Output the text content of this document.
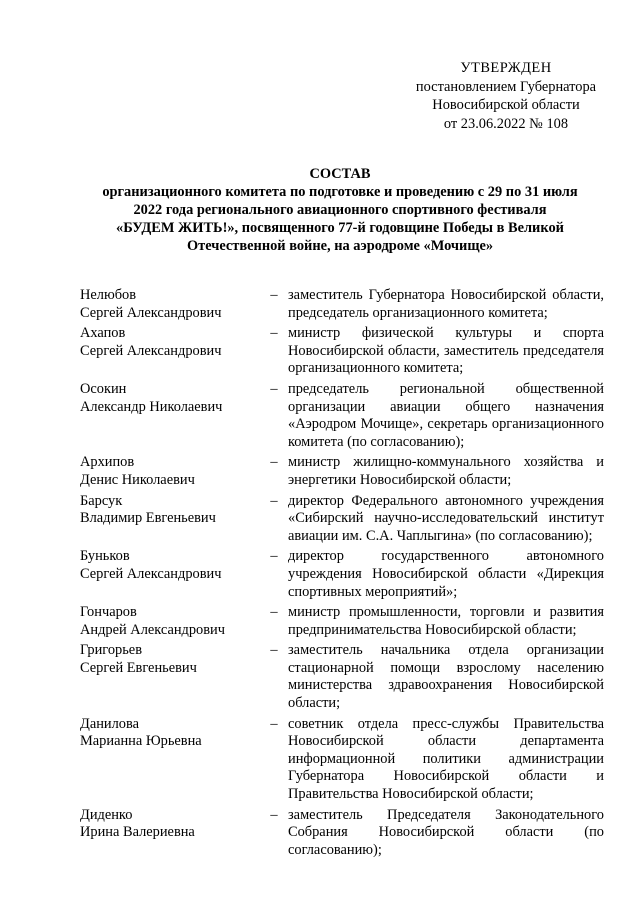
УТВЕРЖДЕН
постановлением Губернатора
Новосибирской области
от 23.06.2022 № 108
СОСТАВ
организационного комитета по подготовке и проведению с 29 по 31 июля
2022 года регионального авиационного спортивного фестиваля
«БУДЕМ ЖИТЬ!», посвященного 77-й годовщине Победы в Великой
Отечественной войне, на аэродроме «Мочище»
Нелюбов
Сергей Александрович
– заместитель Губернатора Новосибирской области, председатель организационного комитета;
Ахапов
Сергей Александрович
– министр физической культуры и спорта Новосибирской области, заместитель председателя организационного комитета;
Осокин
Александр Николаевич
– председатель региональной общественной организации авиации общего назначения «Аэродром Мочище», секретарь организационного комитета (по согласованию);
Архипов
Денис Николаевич
– министр жилищно-коммунального хозяйства и энергетики Новосибирской области;
Барсук
Владимир Евгеньевич
– директор Федерального автономного учреждения «Сибирский научно-исследовательский институт авиации им. С.А. Чаплыгина» (по согласованию);
Буньков
Сергей Александрович
– директор государственного автономного учреждения Новосибирской области «Дирекция спортивных мероприятий»;
Гончаров
Андрей Александрович
– министр промышленности, торговли и развития предпринимательства Новосибирской области;
Григорьев
Сергей Евгеньевич
– заместитель начальника отдела организации стационарной помощи взрослому населению министерства здравоохранения Новосибирской области;
Данилова
Марианна Юрьевна
– советник отдела пресс-службы Правительства Новосибирской области департамента информационной политики администрации Губернатора Новосибирской области и Правительства Новосибирской области;
Диденко
Ирина Валериевна
– заместитель Председателя Законодательного Собрания Новосибирской области (по согласованию);
